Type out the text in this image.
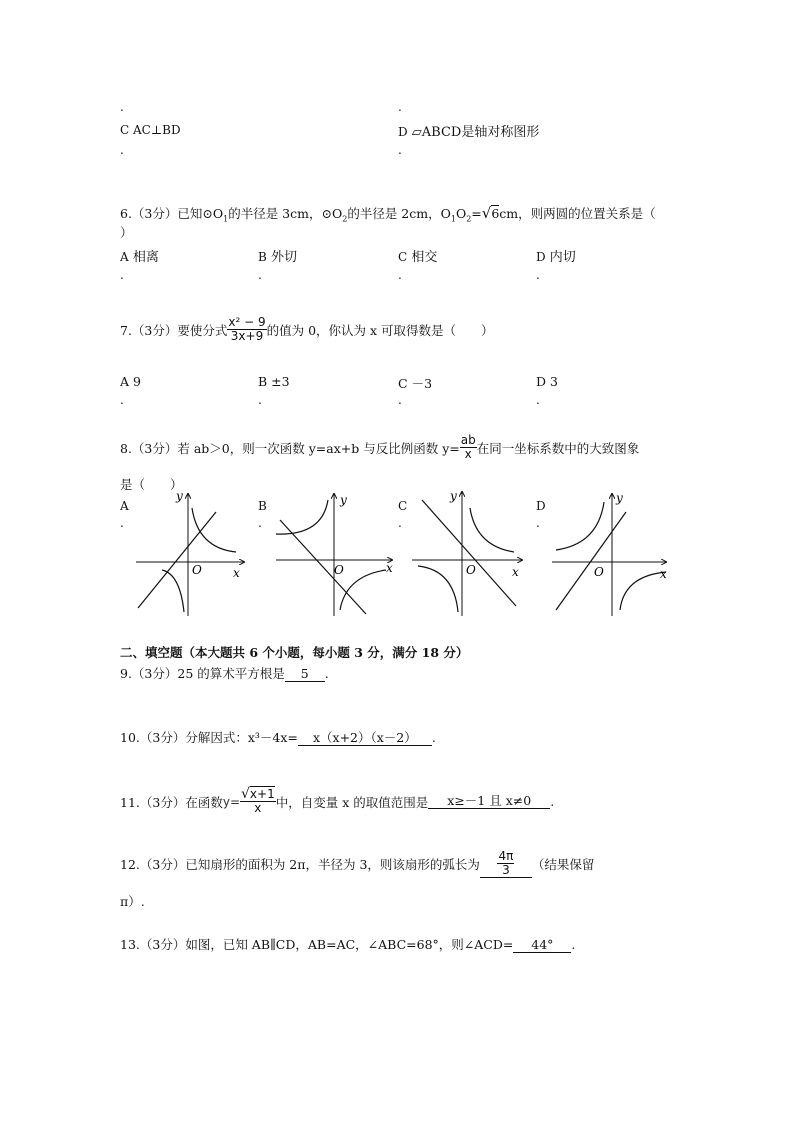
.	.
C AC⊥BD	D ▱ABCD是轴对称图形
.	.
6.（3分）已知$⊙O_1$的半径是 3cm，$⊙O_2$的半径是 2cm，$O_1O_2=√6cm$，则两圆的位置关系是（
）
A 相离	B 外切	C 相交	D 内切
.	.	.	.
7.（3分）要使分式 $\frac{\text{x² − 9}}{3x+9}$ 的值为 0，你认为 x 可取得数是（　　）
A 9	B ±3	C －3	D 3
.	.	.	.
8.（3分）若 ab＞0，则一次函数 y=ax+b 与反比例函数 $y= \frac{ab}{x}$ 在同一坐标系数中的大致图象
是（　　）
A	B	C	D
.	.	.	.
y
x
O
y
x
O
y
x
O
y
x
O
二、填空题（本大题共 6 个小题，每小题 3 分，满分 18 分）
9.（3分）25 的算术平方根是 5 .
10.（3分）分解因式：x³－4x= x（x+2）（x－2） .
11.（3分）在函数 $y= \frac{√x+1}{x}$ 中，自变量 x 的取值范围是	x≥－1 且 x≠0	.
12.（3分）已知扇形的面积为 2π，半径为 3，则该扇形的弧长为 $\frac{4\pi}{3}$ （结果保留
π）.
13.（3分）如图，已知 AB∥CD，AB=AC，∠ABC=68°，则∠ACD= 44° .
